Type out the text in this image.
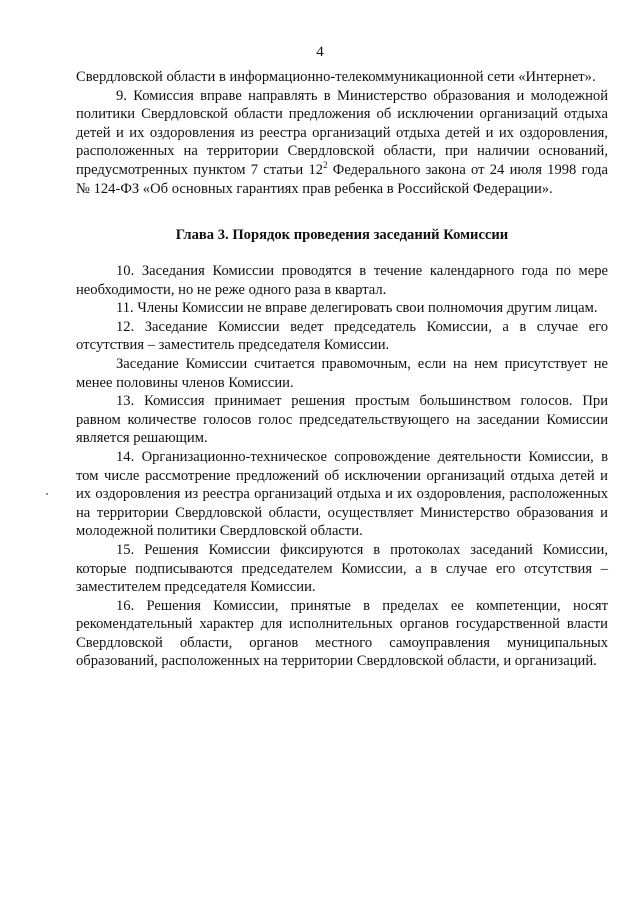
4

Свердловской области в информационно-телекоммуникационной сети «Интернет».

9. Комиссия вправе направлять в Министерство образования и молодежной политики Свердловской области предложения об исключении организаций отдыха детей и их оздоровления из реестра организаций отдыха детей и их оздоровления, расположенных на территории Свердловской области, при наличии оснований, предусмотренных пунктом 7 статьи $12^2$ Федерального закона от 24 июля 1998 года № 124-ФЗ «Об основных гарантиях прав ребенка в Российской Федерации».

Глава 3. Порядок проведения заседаний Комиссии

10. Заседания Комиссии проводятся в течение календарного года по мере необходимости, но не реже одного раза в квартал.

11. Члены Комиссии не вправе делегировать свои полномочия другим лицам.

12. Заседание Комиссии ведет председатель Комиссии, а в случае его отсутствия – заместитель председателя Комиссии.

Заседание Комиссии считается правомочным, если на нем присутствует не менее половины членов Комиссии.

13. Комиссия принимает решения простым большинством голосов. При равном количестве голосов голос председательствующего на заседании Комиссии является решающим.

14. Организационно-техническое сопровождение деятельности Комиссии, в том числе рассмотрение предложений об исключении организаций отдыха детей и их оздоровления из реестра организаций отдыха и их оздоровления, расположенных на территории Свердловской области, осуществляет Министерство образования и молодежной политики Свердловской области.

15. Решения Комиссии фиксируются в протоколах заседаний Комиссии, которые подписываются председателем Комиссии, а в случае его отсутствия – заместителем председателя Комиссии.

16. Решения Комиссии, принятые в пределах ее компетенции, носят рекомендательный характер для исполнительных органов государственной власти Свердловской области, органов местного самоуправления муниципальных образований, расположенных на территории Свердловской области, и организаций.
